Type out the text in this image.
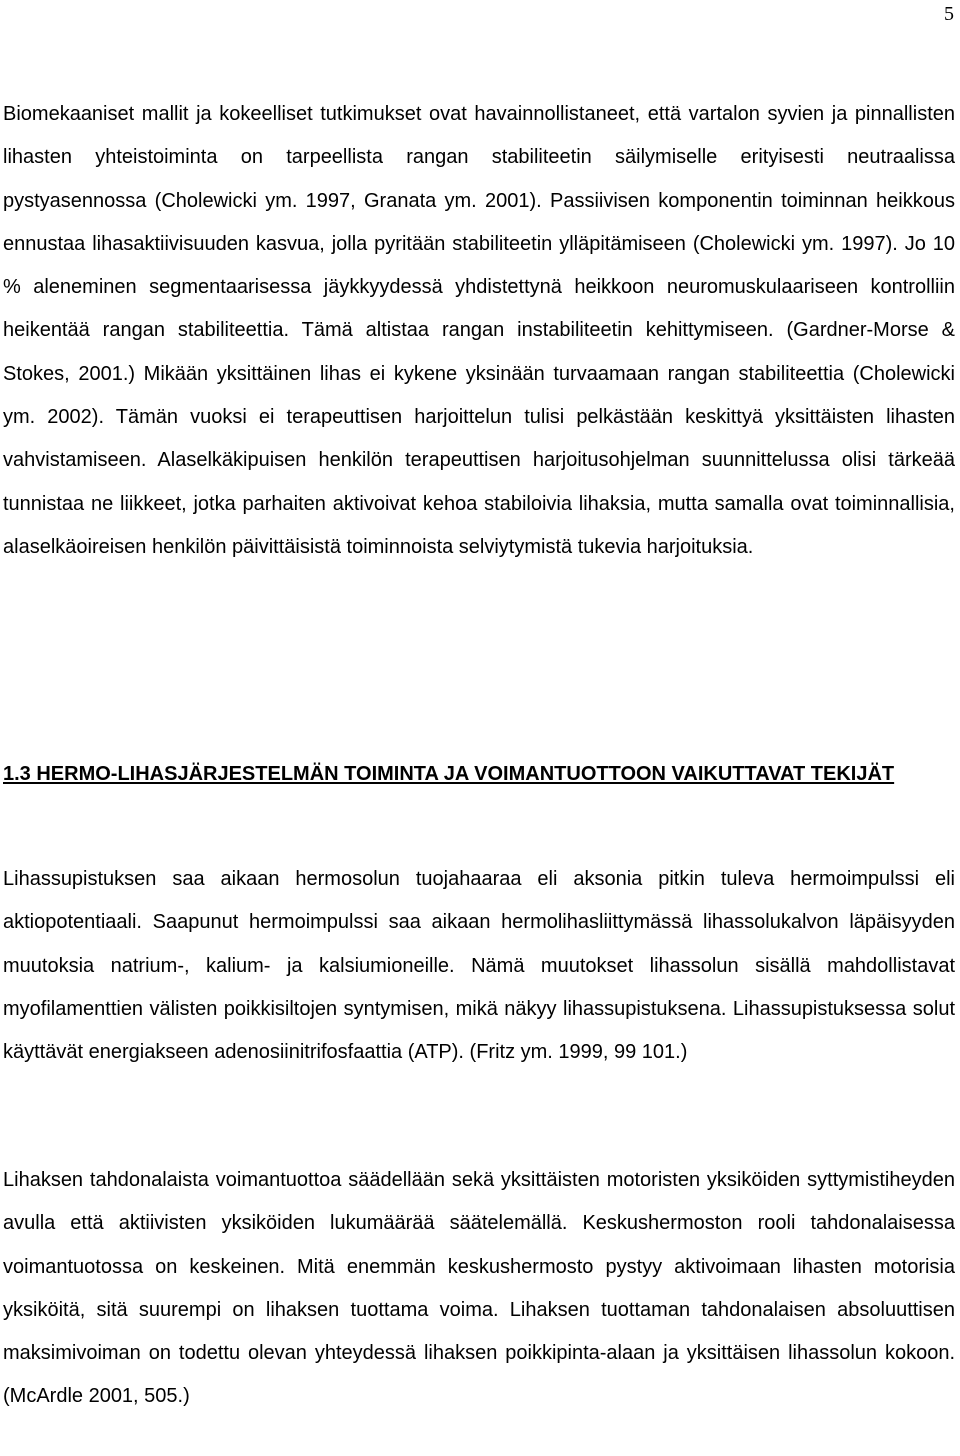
5

Biomekaaniset mallit ja kokeelliset tutkimukset ovat havainnollistaneet, että vartalon syvien ja pinnallisten lihasten yhteistoiminta on tarpeellista rangan stabiliteetin säilymiselle erityisesti neutraalissa pystyasennossa (Cholewicki ym. 1997, Granata ym. 2001). Passiivisen komponentin toiminnan heikkous ennustaa lihasaktiivisuuden kasvua, jolla pyritään stabiliteetin ylläpitämiseen (Cholewicki ym. 1997). Jo 10 % aleneminen segmentaarisessa jäykkyydessä yhdistettynä heikkoon neuromuskulaariseen kontrolliin heikentää rangan stabiliteettia. Tämä altistaa rangan instabiliteetin kehittymiseen. (Gardner-Morse & Stokes, 2001.) Mikään yksittäinen lihas ei kykene yksinään turvaamaan rangan stabiliteettia (Cholewicki ym. 2002). Tämän vuoksi ei terapeuttisen harjoittelun tulisi pelkästään keskittyä yksittäisten lihasten vahvistamiseen. Alaselkäkipuisen henkilön terapeuttisen harjoitusohjelman suunnittelussa olisi tärkeää tunnistaa ne liikkeet, jotka parhaiten aktivoivat kehoa stabiloivia lihaksia, mutta samalla ovat toiminnallisia, alaselkäoireisen henkilön päivittäisistä toiminnoista selviytymistä tukevia harjoituksia.

1.3 HERMO-LIHASJÄRJESTELMÄN TOIMINTA JA VOIMANTUOTTOON VAIKUTTAVAT TEKIJÄT

Lihassupistuksen saa aikaan hermosolun tuojahaaraa eli aksonia pitkin tuleva hermoimpulssi eli aktiopotentiaali. Saapunut hermoimpulssi saa aikaan hermolihasliittymässä lihassolukalvon läpäisyyden muutoksia natrium-, kalium- ja kalsiumioneille. Nämä muutokset lihassolun sisällä mahdollistavat myofilamenttien välisten poikkisiltojen syntymisen, mikä näkyy lihassupistuksena. Lihassupistuksessa solut käyttävät energiakseen adenosiinitrifosfaattia (ATP). (Fritz ym. 1999, 99 101.)

Lihaksen tahdonalaista voimantuottoa säädellään sekä yksittäisten motoristen yksiköiden syttymistiheyden avulla että aktiivisten yksiköiden lukumäärää säätelemällä. Keskushermoston rooli tahdonalaisessa voimantuotossa on keskeinen. Mitä enemmän keskushermosto pystyy aktivoimaan lihasten motorisia yksiköitä, sitä suurempi on lihaksen tuottama voima. Lihaksen tuottaman tahdonalaisen absoluuttisen maksimivoiman on todettu olevan yhteydessä lihaksen poikkipinta-alaan ja yksittäisen lihassolun kokoon. (McArdle 2001, 505.)
